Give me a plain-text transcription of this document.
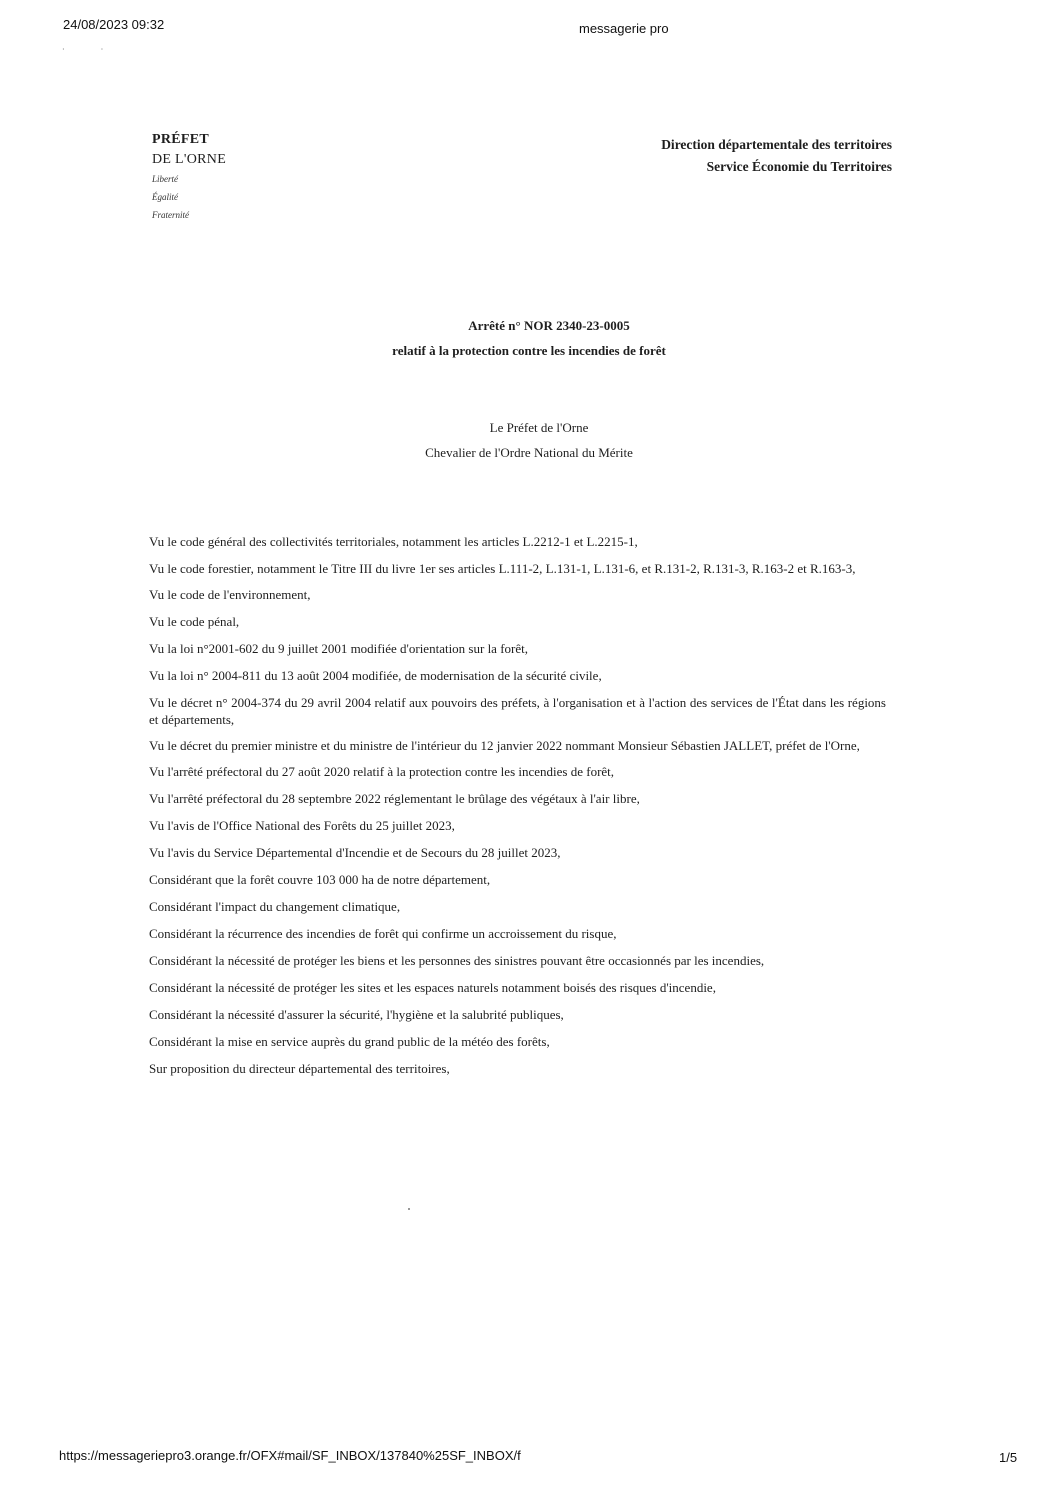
24/08/2023 09:32	messagerie pro
··
PRÉFET
DE L'ORNE
Liberté
Égalité
Fraternité
Direction départementale des territoires
Service Économie du Territoires
Arrêté n° NOR 2340-23-0005
relatif à la protection contre les incendies de forêt
Le Préfet de l'Orne
Chevalier de l'Ordre National du Mérite
Vu le code général des collectivités territoriales, notamment les articles L.2212-1 et L.2215-1,
Vu le code forestier, notamment le Titre III du livre 1er ses articles L.111-2, L.131-1, L.131-6, et R.131-2, R.131-3, R.163-2 et R.163-3,
Vu le code de l'environnement,
Vu le code pénal,
Vu la loi n°2001-602 du 9 juillet 2001 modifiée d'orientation sur la forêt,
Vu la loi n° 2004-811 du 13 août 2004 modifiée, de modernisation de la sécurité civile,
Vu le décret n° 2004-374 du 29 avril 2004 relatif aux pouvoirs des préfets, à l'organisation et à l'action des services de l'État dans les régions et départements,
Vu le décret du premier ministre et du ministre de l'intérieur du 12 janvier 2022 nommant Monsieur Sébastien JALLET, préfet de l'Orne,
Vu l'arrêté préfectoral du 27 août 2020 relatif à la protection contre les incendies de forêt,
Vu l'arrêté préfectoral du 28 septembre 2022 réglementant le brûlage des végétaux à l'air libre,
Vu l'avis de l'Office National des Forêts du 25 juillet 2023,
Vu l'avis du Service Départemental d'Incendie et de Secours du 28 juillet 2023,
Considérant que la forêt couvre 103 000 ha de notre département,
Considérant l'impact du changement climatique,
Considérant la récurrence des incendies de forêt qui confirme un accroissement du risque,
Considérant la nécessité de protéger les biens et les personnes des sinistres pouvant être occasionnés par les incendies,
Considérant la nécessité de protéger les sites et les espaces naturels notamment boisés des risques d'incendie,
Considérant la nécessité d'assurer la sécurité, l'hygiène et la salubrité publiques,
Considérant la mise en service auprès du grand public de la météo des forêts,
Sur proposition du directeur départemental des territoires,
https://messageriepro3.orange.fr/OFX#mail/SF_INBOX/137840%25SF_INBOX/f	1/5
